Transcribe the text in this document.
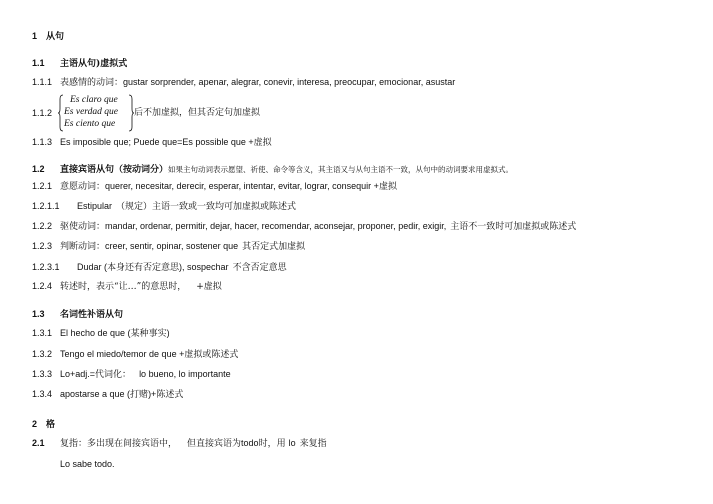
1 从句
1.1 主语从句)虚拟式
1.1.1 表感情的动词：gustar sorprender, apenar, alegrar, conevir, interesa, preocupar, emocionar, asustar
1.1.2
Es claro que
Es verdad que
Es ciento que
后不加虚拟，但其否定句加虚拟
1.1.3 Es imposible que; Puede que=Es possible que +虚拟
1.2 直接宾语从句（按动词分）如果主句动词表示愿望、祈使、命令等含义，其主语又与从句主语不一致，从句中的动词要求用虚拟式。
1.2.1 意愿动词：querer, necesitar, derecir, esperar, intentar, evitar, lograr, consequir +虚拟
1.2.1.1 Estipular （规定）主语一致或一致均可加虚拟或陈述式
1.2.2 驱使动词：mandar, ordenar, permitir, dejar, hacer, recomendar, aconsejar, proponer, pedir, exigir, 主语不一致时可加虚拟或陈述式
1.2.3 判断动词：creer, sentir, opinar, sostener que 其否定式加虚拟
1.2.3.1 Dudar (本身还有否定意思), sospechar 不含否定意思
1.2.4 转述时，表示“让…”的意思时， +虚拟
1.3 名词性补语从句
1.3.1 El hecho de que (某种事实)
1.3.2 Tengo el miedo/temor de que +虚拟或陈述式
1.3.3 Lo+adj.=代词化： lo bueno, lo importante
1.3.4 apostarse a que (打赌)+陈述式
2 格
2.1 复指：多出现在间接宾语中， 但直接宾语为todo时，用 lo 来复指
Lo sabe todo.
